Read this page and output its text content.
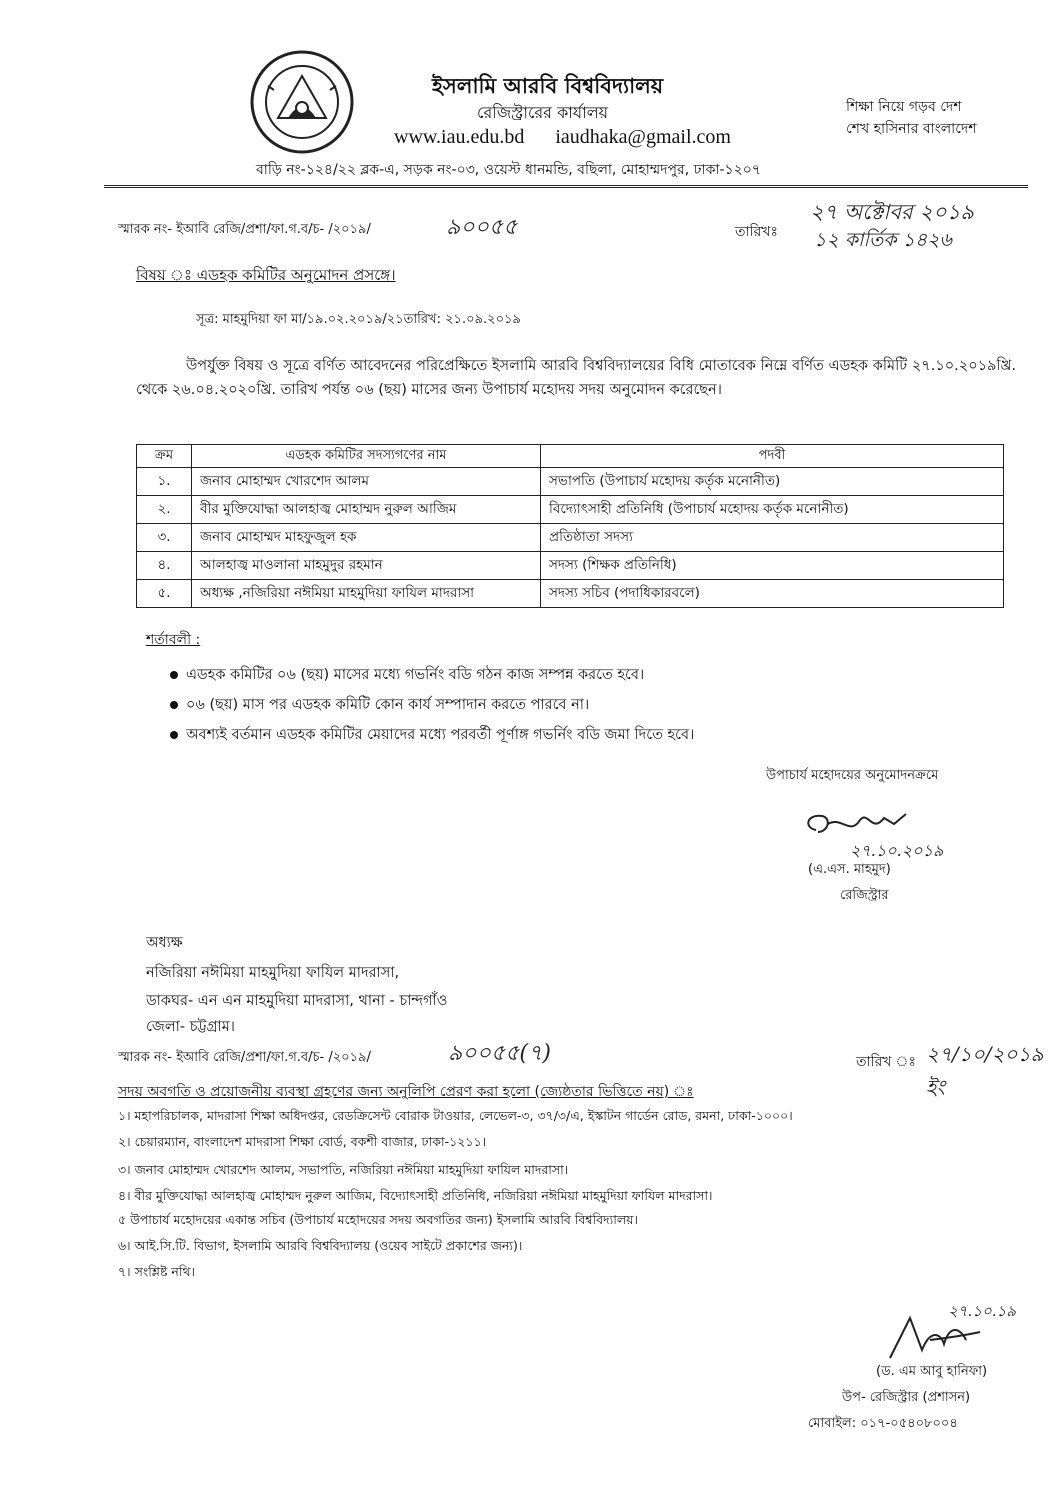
ইসলামি আরবি বিশ্ববিদ্যালয়
রেজিস্ট্রারের কার্যালয়
www.iau.edu.bd iaudhaka@gmail.com
বাড়ি নং-১২৪/২২ ব্লক-এ, সড়ক নং-০৩, ওয়েস্ট ধানমন্ডি, বছিলা, মোহাম্মদপুর, ঢাকা-১২০৭
শিক্ষা নিয়ে গড়ব দেশ
শেখ হাসিনার বাংলাদেশ
স্মারক নং- ইআবি রেজি/প্রশা/ফা.গ.ব/চ- /২০১৯/	৯০০৫৫	তারিখঃ
২৭ অক্টোবর ২০১৯
১২ কার্তিক ১৪২৬
বিষয় ঃ এডহক কমিটির অনুমোদন প্রসঙ্গে।
সূত্র: মাহমুদিয়া ফা মা/১৯.০২.২০১৯/২১তারিখ: ২১.০৯.২০১৯
উপর্যুক্ত বিষয় ও সূত্রে বর্ণিত আবেদনের পরিপ্রেক্ষিতে ইসলামি আরবি বিশ্ববিদ্যালয়ের বিধি মোতাবেক নিম্নে বর্ণিত এডহক কমিটি ২৭.১০.২০১৯খ্রি. থেকে ২৬.০৪.২০২০খ্রি. তারিখ পর্যন্ত ০৬ (ছয়) মাসের জন্য উপাচার্য মহোদয় সদয় অনুমোদন করেছেন।
ক্রম	এডহক কমিটির সদস্যগণের নাম	পদবী
১.	জনাব মোহাম্মদ খোরশেদ আলম	সভাপতি (উপাচার্য মহোদয় কর্তৃক মনোনীত)
২.	বীর মুক্তিযোদ্ধা আলহাজ্ব মোহাম্মদ নুরুল আজিম	বিদ্যোৎসাহী প্রতিনিধি (উপাচার্য মহোদয় কর্তৃক মনোনীত)
৩.	জনাব মোহাম্মদ মাহফুজুল হক	প্রতিষ্ঠাতা সদস্য
৪.	আলহাজ্ব মাওলানা মাহমুদুর রহমান	সদস্য (শিক্ষক প্রতিনিধি)
৫.	অধ্যক্ষ ,নজিরিয়া নঈমিয়া মাহমুদিয়া ফাযিল মাদরাসা	সদস্য সচিব (পদাধিকারবলে)
শর্তাবলী :
এডহক কমিটির ০৬ (ছয়) মাসের মধ্যে গভর্নিং বডি গঠন কাজ সম্পন্ন করতে হবে।
০৬ (ছয়) মাস পর এডহক কমিটি কোন কার্য সম্পাদান করতে পারবে না।
অবশ্যই বর্তমান এডহক কমিটির মেয়াদের মধ্যে পরবর্তী পূর্ণাঙ্গ গভর্নিং বডি জমা দিতে হবে।
উপাচার্য মহোদয়ের অনুমোদনক্রমে
২৭.১০.২০১৯
(এ.এস. মাহমুদ)
রেজিস্ট্রার
অধ্যক্ষ
নজিরিয়া নঈমিয়া মাহমুদিয়া ফাযিল মাদরাসা,
ডাকঘর- এন এন মাহমুদিয়া মাদরাসা, থানা - চান্দগাঁও
জেলা- চট্টগ্রাম।
স্মারক নং- ইআবি রেজি/প্রশা/ফা.গ.ব/চ- /২০১৯/	৯০০৫৫(৭)	তারিখ ঃ ২৭/১০/২০১৯ ইং
সদয় অবগতি ও প্রয়োজনীয় ব্যবস্থা গ্রহণের জন্য অনুলিপি প্রেরণ করা হলো (জ্যেষ্ঠতার ভিত্তিতে নয়) ঃ
১। মহাপরিচালক, মাদরাসা শিক্ষা অধিদপ্তর, রেডক্রিসেন্ট বোরাক টাওয়ার, লেভেল-৩, ৩৭/৩/এ, ইস্কাটন গার্ডেন রোড, রমনা, ঢাকা-১০০০।
২। চেয়ারম্যান, বাংলাদেশ মাদরাসা শিক্ষা বোর্ড, বকশী বাজার, ঢাকা-১২১১।
৩। জনাব মোহাম্মদ খোরশেদ আলম, সভাপতি, নজিরিয়া নঈমিয়া মাহমুদিয়া ফাযিল মাদরাসা।
৪। বীর মুক্তিযোদ্ধা আলহাজ্ব মোহাম্মদ নুরুল আজিম, বিদ্যোৎসাহী প্রতিনিধি, নজিরিয়া নঈমিয়া মাহমুদিয়া ফাযিল মাদরাসা।
৫ উপাচার্য মহোদয়ের একান্ত সচিব (উপাচার্য মহোদয়ের সদয় অবগতির জন্য) ইসলামি আরবি বিশ্ববিদ্যালয়।
৬। আই.সি.টি. বিভাগ, ইসলামি আরবি বিশ্ববিদ্যালয় (ওয়েব সাইটে প্রকাশের জন্য)।
৭। সংশ্লিষ্ট নথি।
২৭.১০.১৯
(ড. এম আবু হানিফা)
উপ- রেজিস্ট্রার (প্রশাসন)
মোবাইল: ০১৭-০৫৪০৮০০৪
